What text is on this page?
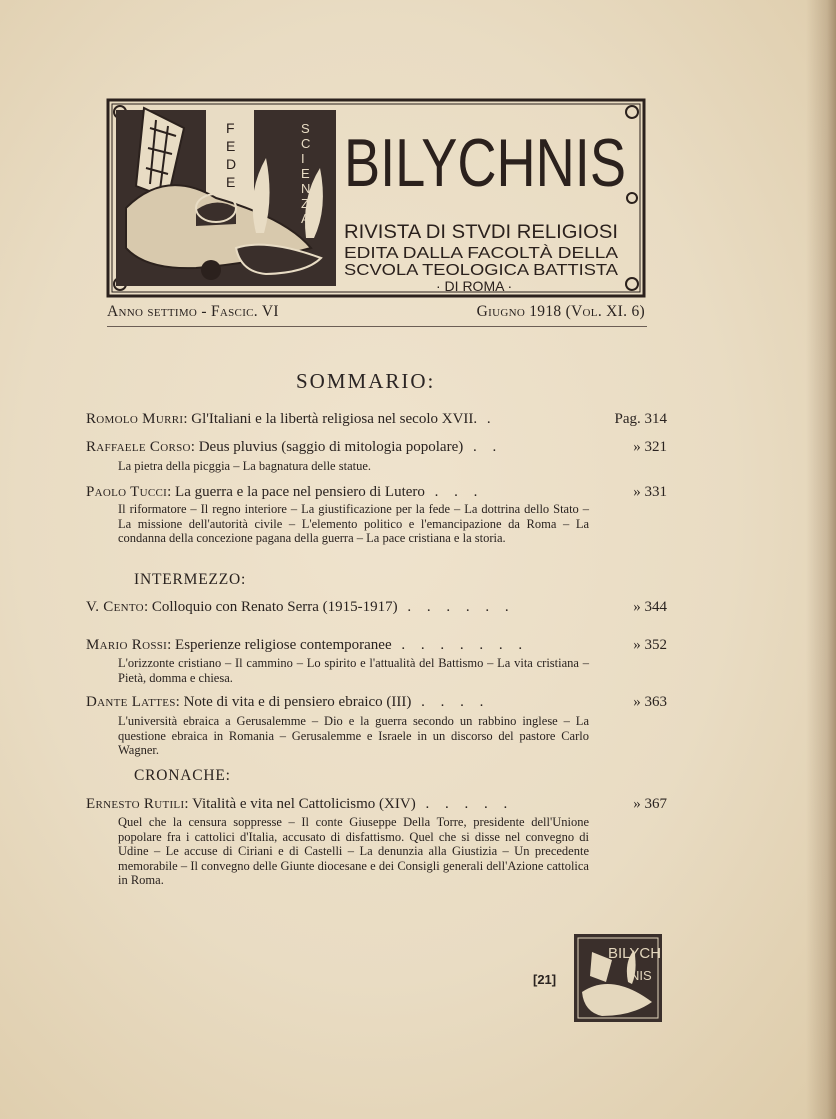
F E D E
S C I E N Z A
BILYCHNIS
RIVISTA DI STVDI RELIGIOSI
EDITA DALLA FACOLTÀ DELLA
SCVOLA TEOLOGICA BATTISTA
· DI ROMA ·
Anno settimo - Fascic. VI	Giugno 1918 (Vol. XI. 6)
SOMMARIO:
Romolo Murri: Gl'Italiani e la libertà religiosa nel secolo XVII. .	Pag. 314
Raffaele Corso: Deus pluvius (saggio di mitologia popolare) . .	» 321
La pietra della picggia – La bagnatura delle statue.
Paolo Tucci: La guerra e la pace nel pensiero di Lutero . . .	» 331
Il riformatore – Il regno interiore – La giustificazione per la fede – La dottrina dello Stato – La missione dell'autorità civile – L'elemento politico e l'emancipazione da Roma – La condanna della concezione pagana della guerra – La pace cristiana e la storia.
INTERMEZZO:
V. Cento: Colloquio con Renato Serra (1915-1917) . . . . . .	» 344
Mario Rossi: Esperienze religiose contemporanee . . . . . . .	» 352
L'orizzonte cristiano – Il cammino – Lo spirito e l'attualità del Battismo – La vita cristiana – Pietà, domma e chiesa.
Dante Lattes: Note di vita e di pensiero ebraico (III) . . . .	» 363
L'università ebraica a Gerusalemme – Dio e la guerra secondo un rabbino inglese – La questione ebraica in Romania – Gerusalemme e Israele in un discorso del pastore Carlo Wagner.
CRONACHE:
Ernesto Rutili: Vitalità e vita nel Cattolicismo (XIV) . . . . .	» 367
Quel che la censura soppresse – Il conte Giuseppe Della Torre, presidente dell'Unione popolare fra i cattolici d'Italia, accusato di disfattismo. Quel che si disse nel convegno di Udine – Le accuse di Ciriani e di Castelli – La denunzia alla Giustizia – Un precedente memorabile – Il convegno delle Giunte diocesane e dei Consigli generali dell'Azione cattolica in Roma.
[21]
BILYCH
NIS
